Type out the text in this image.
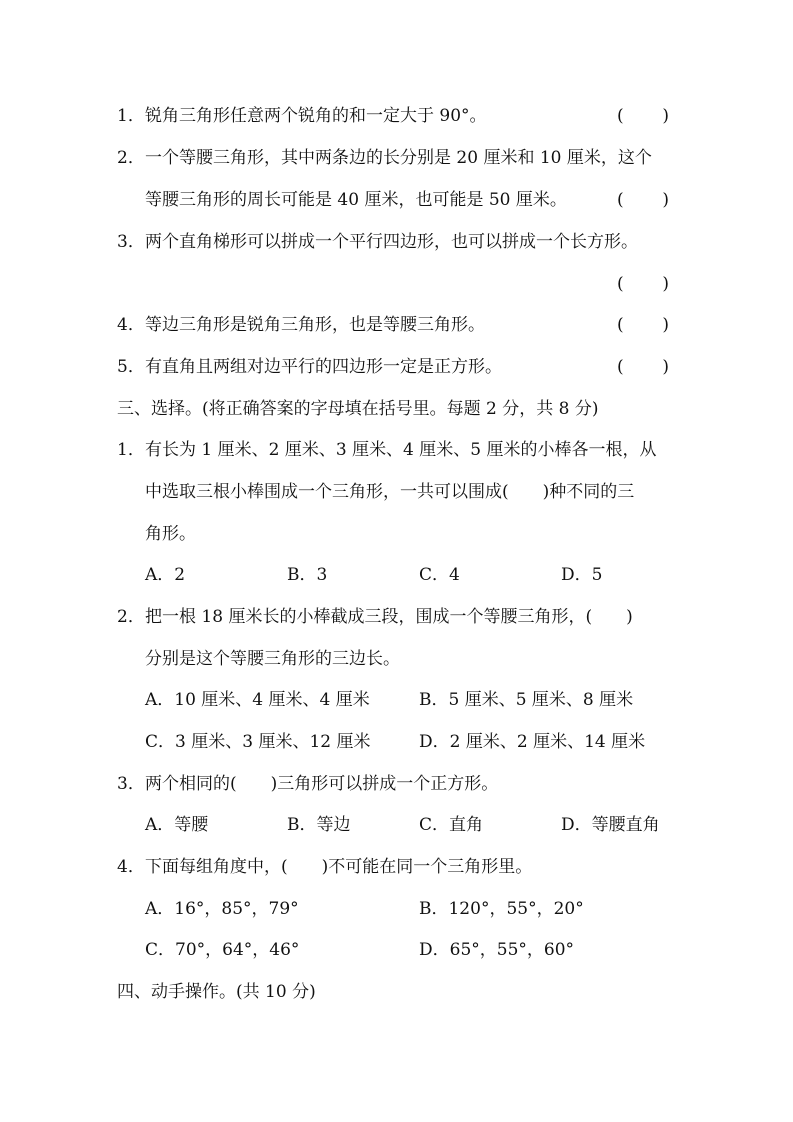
1． 锐角三角形任意两个锐角的和一定大于 90°。	( )
2． 一个等腰三角形，其中两条边的长分别是 20 厘米和 10 厘米，这个
等腰三角形的周长可能是 40 厘米，也可能是 50 厘米。	( )
3． 两个直角梯形可以拼成一个平行四边形，也可以拼成一个长方形。
( )
4． 等边三角形是锐角三角形，也是等腰三角形。	( )
5． 有直角且两组对边平行的四边形一定是正方形。	( )
三、选择。(将正确答案的字母填在括号里。每题 2 分，共 8 分)
1． 有长为 1 厘米、2 厘米、3 厘米、4 厘米、5 厘米的小棒各一根，从
中选取三根小棒围成一个三角形，一共可以围成(　　)种不同的三
角形。
A．2	B．3	C．4	D．5
2． 把一根 18 厘米长的小棒截成三段，围成一个等腰三角形，(　　)
分别是这个等腰三角形的三边长。
A．10 厘米、4 厘米、4 厘米	B．5 厘米、5 厘米、8 厘米
C．3 厘米、3 厘米、12 厘米	D．2 厘米、2 厘米、14 厘米
3． 两个相同的(　　)三角形可以拼成一个正方形。
A．等腰	B．等边	C．直角	D．等腰直角
4． 下面每组角度中，(　　)不可能在同一个三角形里。
A．16°，85°，79°	B．120°，55°，20°
C．70°，64°，46°	D．65°，55°，60°
四、动手操作。(共 10 分)
